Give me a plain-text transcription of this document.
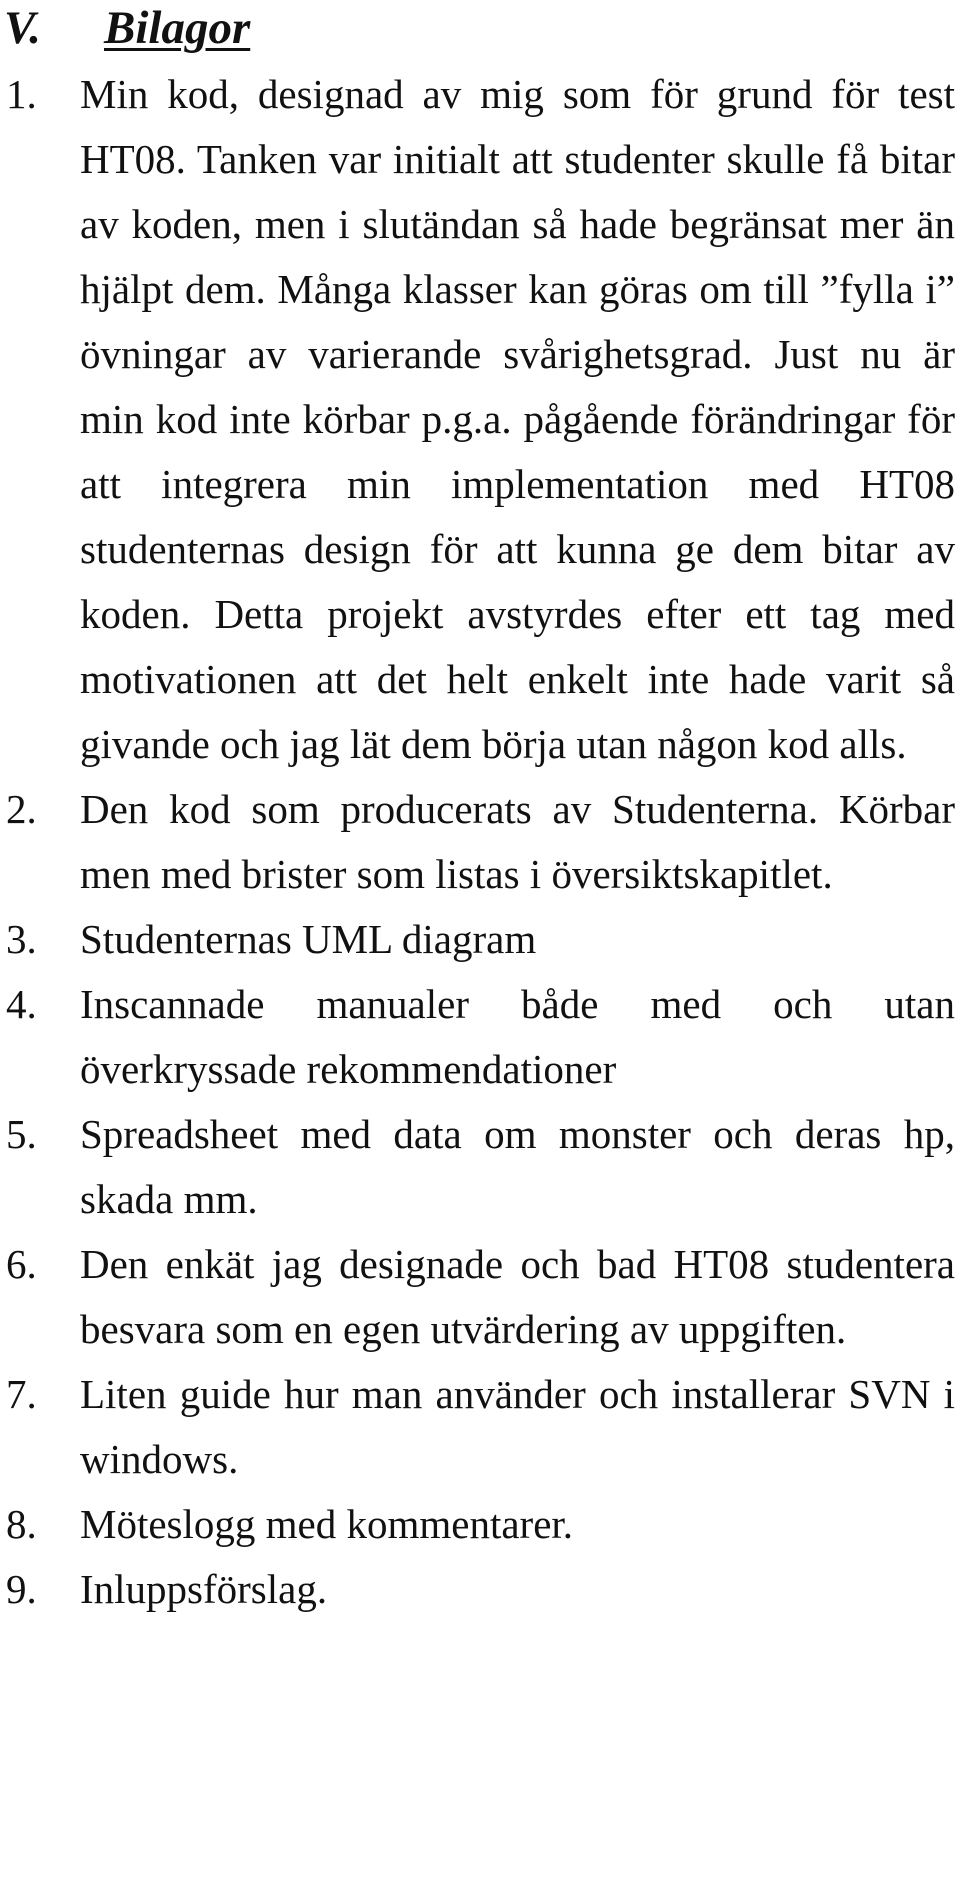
V.	Bilagor
1.	Min kod, designad av mig som för grund för test HT08. Tanken var initialt att studenter skulle få bitar av koden, men i slutändan så hade begränsat mer än hjälpt dem. Många klasser kan göras om till ”fylla i” övningar av varierande svårighetsgrad. Just nu är min kod inte körbar p.g.a. pågående förändringar för att integrera min implementation med HT08 studenternas design för att kunna ge dem bitar av koden. Detta projekt avstyrdes efter ett tag med motivationen att det helt enkelt inte hade varit så givande och jag lät dem börja utan någon kod alls.
2.	Den kod som producerats av Studenterna. Körbar men med brister som listas i översiktskapitlet.
3.	Studenternas UML diagram
4.	Inscannade manualer både med och utan överkryssade rekommendationer
5.	Spreadsheet med data om monster och deras hp, skada mm.
6.	Den enkät jag designade och bad HT08 studentera besvara som en egen utvärdering av uppgiften.
7.	Liten guide hur man använder och installerar SVN i windows.
8.	Möteslogg med kommentarer.
9.	Inluppsförslag.
